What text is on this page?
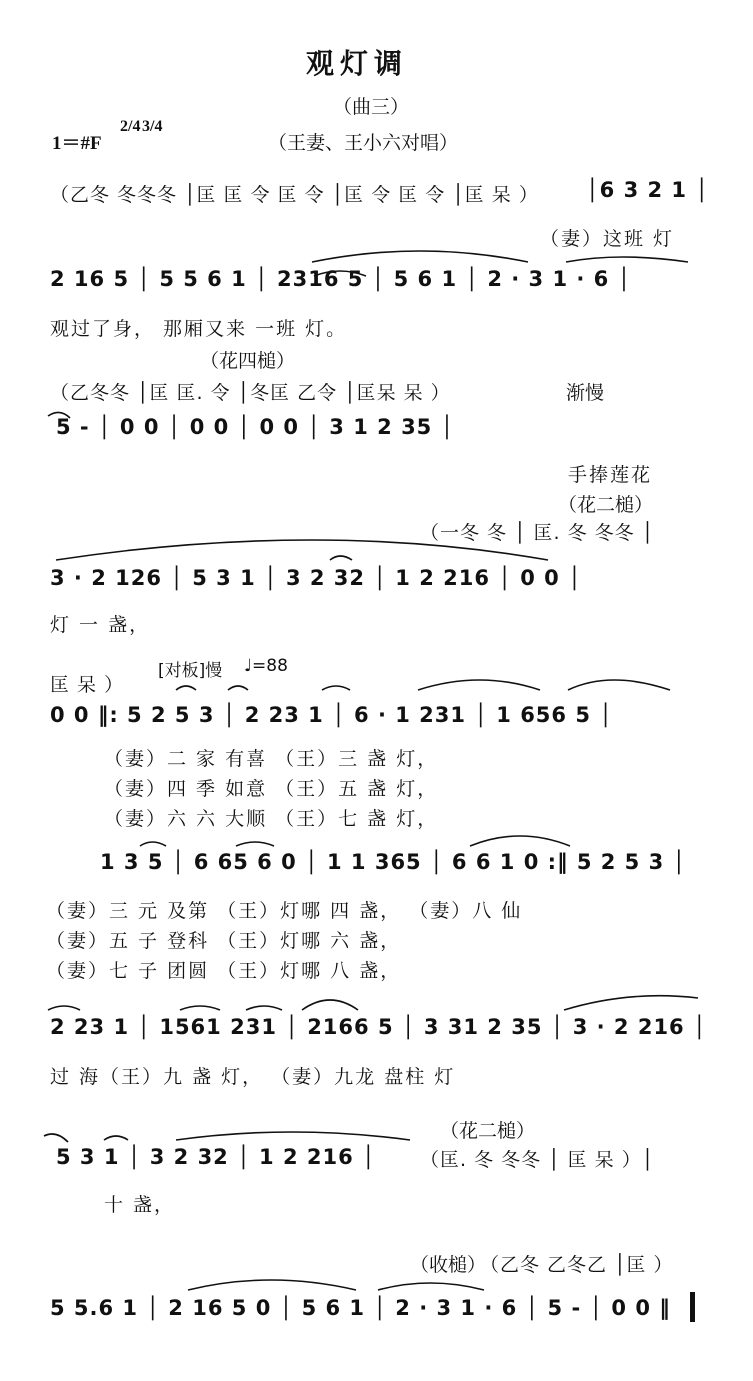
观灯调
（曲三）
1＝#F
2/4 3/4
（王妻、王小六对唱）
（乙冬 冬冬冬 │匡 匡 令 匡 令 │匡 令 匡 令 │匡 呆 ） │6 3 2 1 │
（妻）这班 灯
2 16 5 │ 5 5 6 1 │ 2316 5 │ 5 6 1 │ 2 · 3 1 · 6 │
观过了身， 那厢又来 一班 灯。
（花四槌）
（乙冬冬 │匡 匡. 令 │冬匡 乙令 │匡呆 呆 ）	渐慢
5 - │ 0 0 │ 0 0 │ 0 0 │ 3 1 2 35 │
手捧莲花
（花二槌）
（一冬 冬 │ 匡. 冬 冬冬 │
3 · 2 126 │ 5 3 1 │ 3 2 32 │ 1 2 216 │ 0 0 │
灯 一 盏，
匡 呆 ）
[对板]慢 ♩=88
0 0 ‖: 5 2 5 3 │ 2 23 1 │ 6 · 1 231 │ 1 656 5 │
（妻）二 家 有喜 （王）三 盏 灯，
（妻）四 季 如意 （王）五 盏 灯，
（妻）六 六 大顺 （王）七 盏 灯，
1 3 5 │ 6 65 6 0 │ 1 1 365 │ 6 6 1 0 :‖ 5 2 5 3 │
（妻）三 元 及第 （王）灯哪 四 盏， （妻）八 仙
（妻）五 子 登科 （王）灯哪 六 盏，
（妻）七 子 团圆 （王）灯哪 八 盏，
2 23 1 │ 1561 231 │ 2166 5 │ 3 31 2 35 │ 3 · 2 216 │
过 海（王）九 盏 灯， （妻）九龙 盘柱 灯
（花二槌）
（匡. 冬 冬冬 │ 匡 呆 ）│
5 3 1 │ 3 2 32 │ 1 2 216 │
十 盏，
（收槌）
（乙冬 乙冬乙 │匡 ）
5 5.6 1 │ 2 16 5 0 │ 5 6 1 │ 2 · 3 1 · 6 │ 5 - │ 0 0 ‖
